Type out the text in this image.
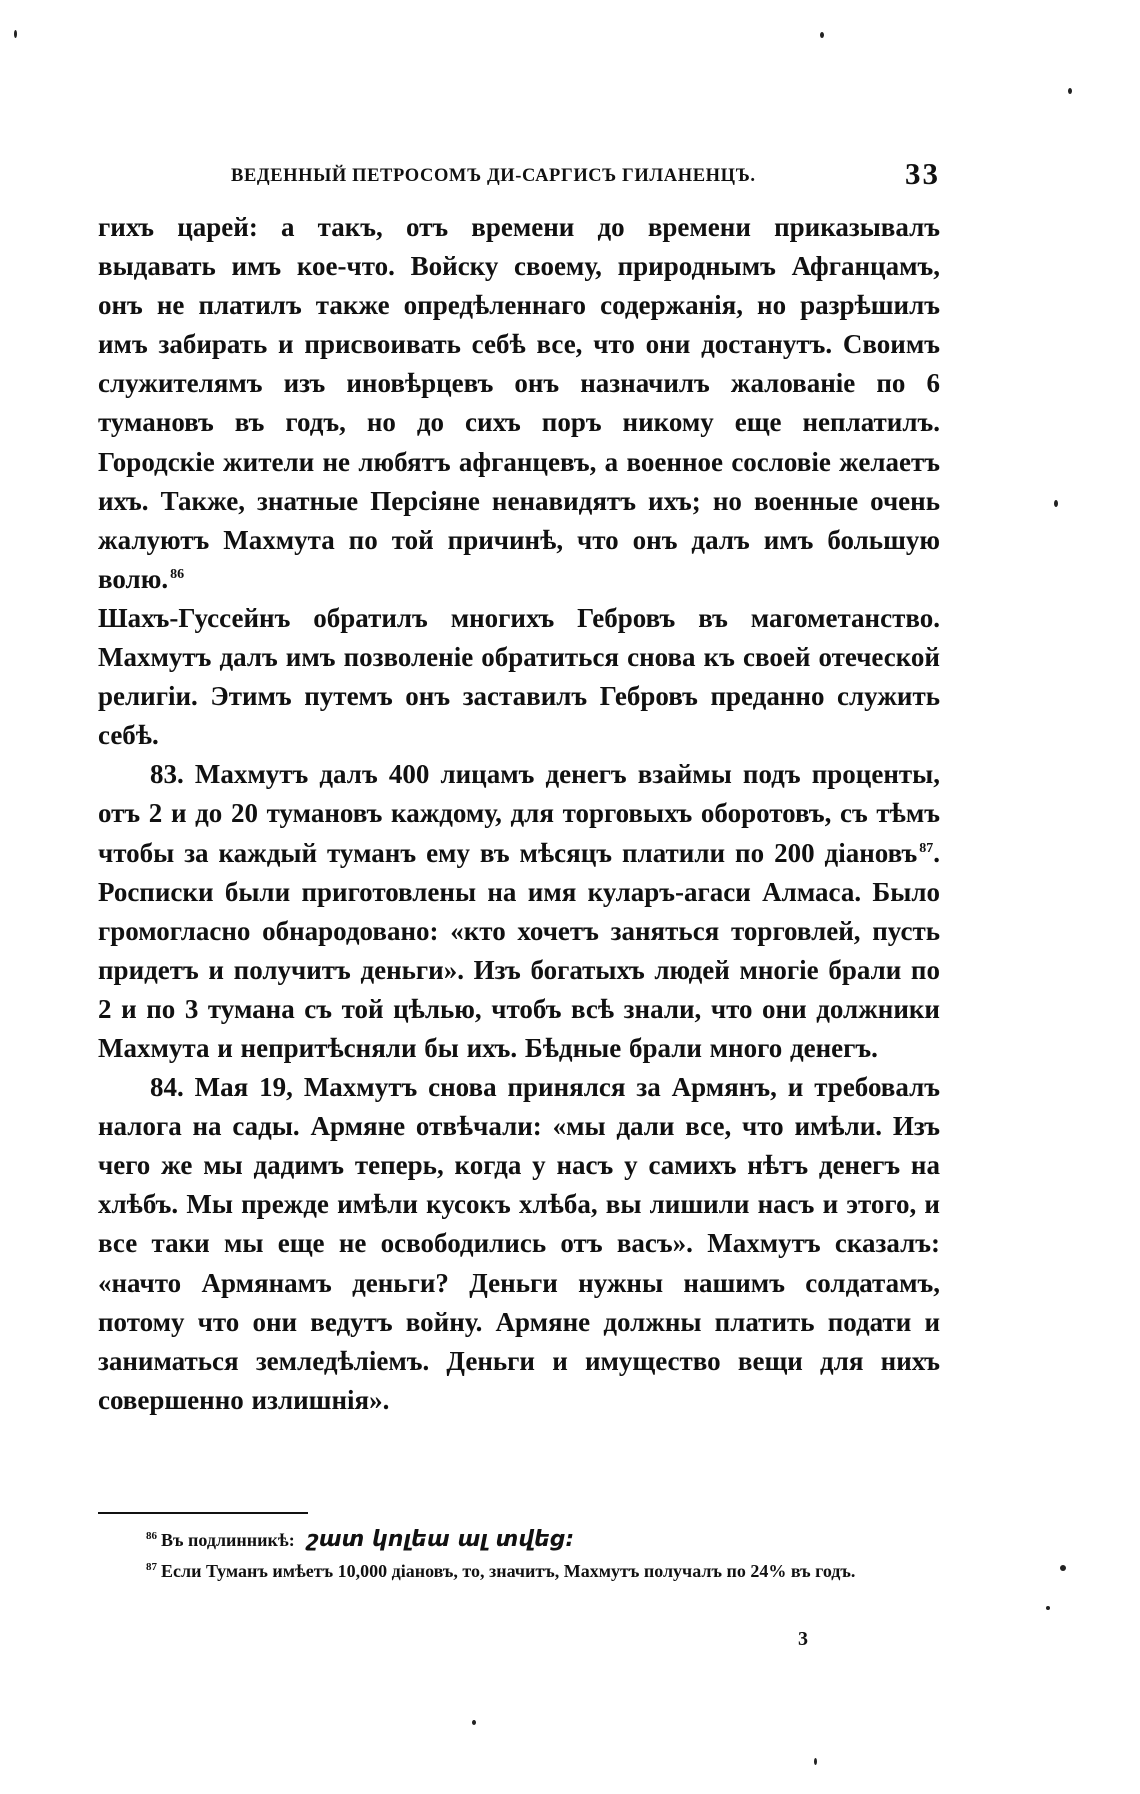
ВЕДЕННЫЙ ПЕТРОСОМЪ ДИ-САРГИСЪ ГИЛАНЕНЦЪ.	33

гихъ царей: а такъ, отъ времени до времени приказывалъ выдавать имъ кое-что. Войску своему, природнымъ Афганцамъ, онъ не платилъ также опредѣленнаго содержанія, но разрѣшилъ имъ забирать и присвоивать себѣ все, что они достанутъ. Своимъ служителямъ изъ иновѣрцевъ онъ назначилъ жалованіе по 6 тумановъ въ годъ, но до сихъ поръ никому еще неплатилъ. Городскіе жители не любятъ афганцевъ, а военное сословіе желаетъ ихъ. Также, знатные Персіяне ненавидятъ ихъ; но военные очень жалуютъ Махмута по той причинѣ, что онъ далъ имъ большую волю. $^{86}$

Шахъ-Гуссейнъ обратилъ многихъ Гебровъ въ магометанство. Махмутъ далъ имъ позволеніе обратиться снова къ своей отеческой религіи. Этимъ путемъ онъ заставилъ Гебровъ преданно служить себѣ.

83. Махмутъ далъ 400 лицамъ денегъ взаймы подъ проценты, отъ 2 и до 20 тумановъ каждому, для торговыхъ оборотовъ, съ тѣмъ чтобы за каждый туманъ ему въ мѣсяцъ платили по 200 діановъ $^{87}$. Росписки были приготовлены на имя куларъ-агаси Алмаса. Было громогласно обнародовано: «кто хочетъ заняться торговлей, пусть придетъ и получитъ деньги». Изъ богатыхъ людей многіе брали по 2 и по 3 тумана съ той цѣлью, чтобъ всѣ знали, что они должники Махмута и непритѣсняли бы ихъ. Бѣдные брали много денегъ.

84. Мая 19, Махмутъ снова принялся за Армянъ, и требовалъ налога на сады. Армяне отвѣчали: «мы дали все, что имѣли. Изъ чего же мы дадимъ теперь, когда у насъ у самихъ нѣтъ денегъ на хлѣбъ. Мы прежде имѣли кусокъ хлѣба, вы лишили насъ и этого, и все таки мы еще не освободились отъ васъ». Махмутъ сказалъ: «начто Армянамъ деньги? Деньги нужны нашимъ солдатамъ, потому что они ведутъ войну. Армяне должны платить подати и заниматься земледѣліемъ. Деньги и имущество вещи для нихъ совершенно излишнія».

$^{86}$ Въ подлинникѣ: շատ կոլեա ալ տվեց:

$^{87}$ Если Туманъ имѣетъ 10,000 діановъ, то, значитъ, Махмутъ получалъ по 24% въ годъ.

3
